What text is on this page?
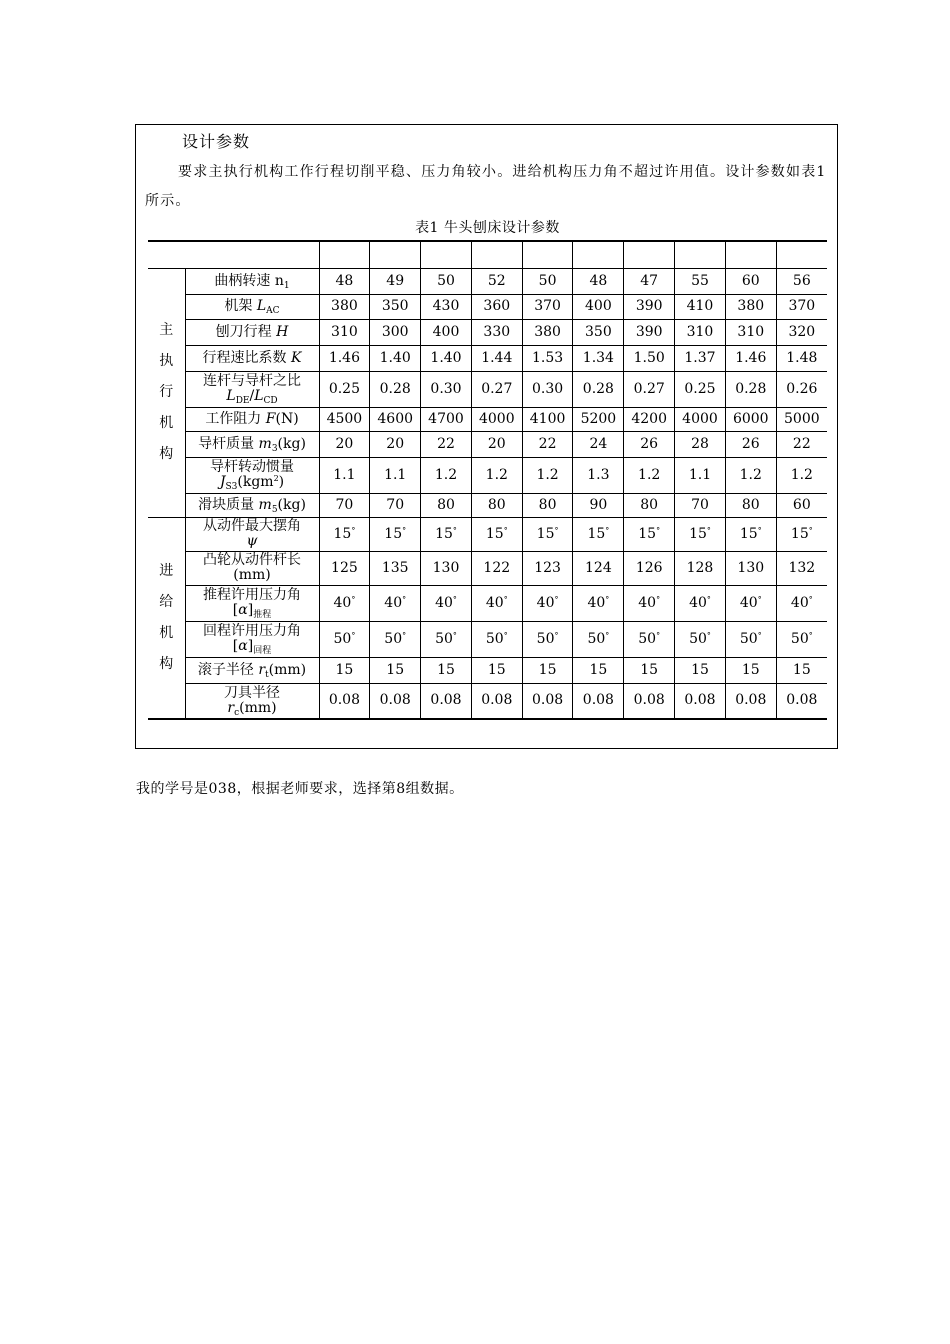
设计参数
要求主执行机构工作行程切削平稳、压力角较小。进给机构压力角不超过许用值。设计参数如表1所示。
表1 牛头刨床设计参数

主
执
行
机
构	曲柄转速 $n_1$	48	49	50	52	50	48	47	55	60	56
	机架 $L_{AC}$	380	350	430	360	370	400	390	410	380	370
	刨刀行程 H	310	300	400	330	380	350	390	310	310	320
	行程速比系数 K	1.46	1.40	1.40	1.44	1.53	1.34	1.50	1.37	1.46	1.48
	连杆与导杆之比
$L_{DE}/L_{CD}$	0.25	0.28	0.30	0.27	0.30	0.28	0.27	0.25	0.28	0.26
	工作阻力 F(N)	4500	4600	4700	4000	4100	5200	4200	4000	6000	5000
	导杆质量 $m_3(kg)$	20	20	22	20	22	24	26	28	26	22
	导杆转动惯量
$J_{S3}(kgm^2)$	1.1	1.1	1.2	1.2	1.2	1.3	1.2	1.1	1.2	1.2
	滑块质量 $m_5(kg)$	70	70	80	80	80	90	80	70	80	60
进
给
机
构	从动件最大摆角
ψ	15°	15°	15°	15°	15°	15°	15°	15°	15°	15°
	凸轮从动件杆长
(mm)	125	135	130	122	123	124	126	128	130	132
	推程许用压力角
$[\alpha]_{推程}$	40°	40°	40°	40°	40°	40°	40°	40°	40°	40°
	回程许用压力角
$[\alpha]_{回程}$	50°	50°	50°	50°	50°	50°	50°	50°	50°	50°
	滚子半径 $r_t(mm)$	15	15	15	15	15	15	15	15	15	15
	刀具半径
$r_c(mm)$	0.08	0.08	0.08	0.08	0.08	0.08	0.08	0.08	0.08	0.08
我的学号是038，根据老师要求，选择第8组数据。
